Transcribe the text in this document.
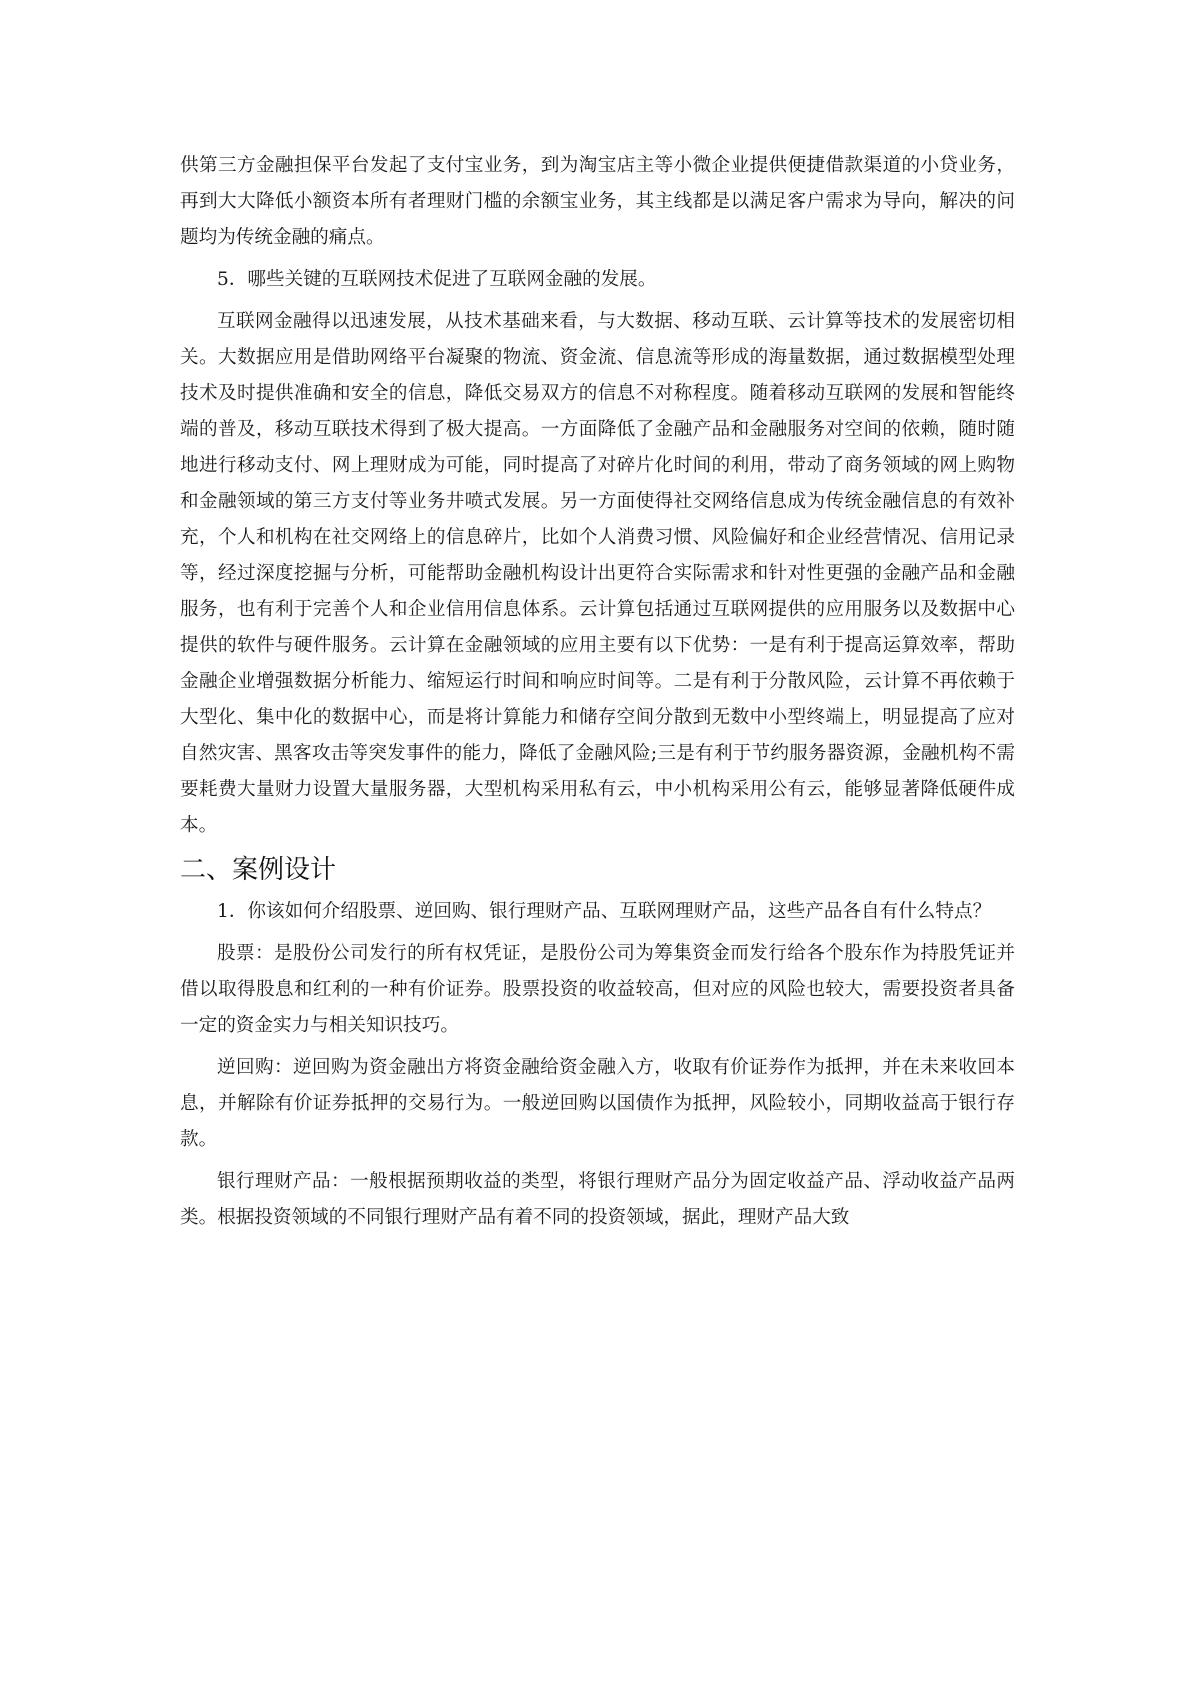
供第三方金融担保平台发起了支付宝业务，到为淘宝店主等小微企业提供便捷借款渠道的小贷业务，再到大大降低小额资本所有者理财门槛的余额宝业务，其主线都是以满足客户需求为导向，解决的问题均为传统金融的痛点。

5．哪些关键的互联网技术促进了互联网金融的发展。

互联网金融得以迅速发展，从技术基础来看，与大数据、移动互联、云计算等技术的发展密切相关。大数据应用是借助网络平台凝聚的物流、资金流、信息流等形成的海量数据，通过数据模型处理技术及时提供准确和安全的信息，降低交易双方的信息不对称程度。随着移动互联网的发展和智能终端的普及，移动互联技术得到了极大提高。一方面降低了金融产品和金融服务对空间的依赖，随时随地进行移动支付、网上理财成为可能，同时提高了对碎片化时间的利用，带动了商务领域的网上购物和金融领域的第三方支付等业务井喷式发展。另一方面使得社交网络信息成为传统金融信息的有效补充，个人和机构在社交网络上的信息碎片，比如个人消费习惯、风险偏好和企业经营情况、信用记录等，经过深度挖掘与分析，可能帮助金融机构设计出更符合实际需求和针对性更强的金融产品和金融服务，也有利于完善个人和企业信用信息体系。云计算包括通过互联网提供的应用服务以及数据中心提供的软件与硬件服务。云计算在金融领域的应用主要有以下优势：一是有利于提高运算效率，帮助金融企业增强数据分析能力、缩短运行时间和响应时间等。二是有利于分散风险，云计算不再依赖于大型化、集中化的数据中心，而是将计算能力和储存空间分散到无数中小型终端上，明显提高了应对自然灾害、黑客攻击等突发事件的能力，降低了金融风险;三是有利于节约服务器资源，金融机构不需要耗费大量财力设置大量服务器，大型机构采用私有云，中小机构采用公有云，能够显著降低硬件成本。

二、案例设计

1．你该如何介绍股票、逆回购、银行理财产品、互联网理财产品，这些产品各自有什么特点？

股票：是股份公司发行的所有权凭证，是股份公司为筹集资金而发行给各个股东作为持股凭证并借以取得股息和红利的一种有价证券。股票投资的收益较高，但对应的风险也较大，需要投资者具备一定的资金实力与相关知识技巧。

逆回购：逆回购为资金融出方将资金融给资金融入方，收取有价证券作为抵押，并在未来收回本息，并解除有价证券抵押的交易行为。一般逆回购以国债作为抵押，风险较小，同期收益高于银行存款。

银行理财产品：一般根据预期收益的类型，将银行理财产品分为固定收益产品、浮动收益产品两类。根据投资领域的不同银行理财产品有着不同的投资领域，据此，理财产品大致
